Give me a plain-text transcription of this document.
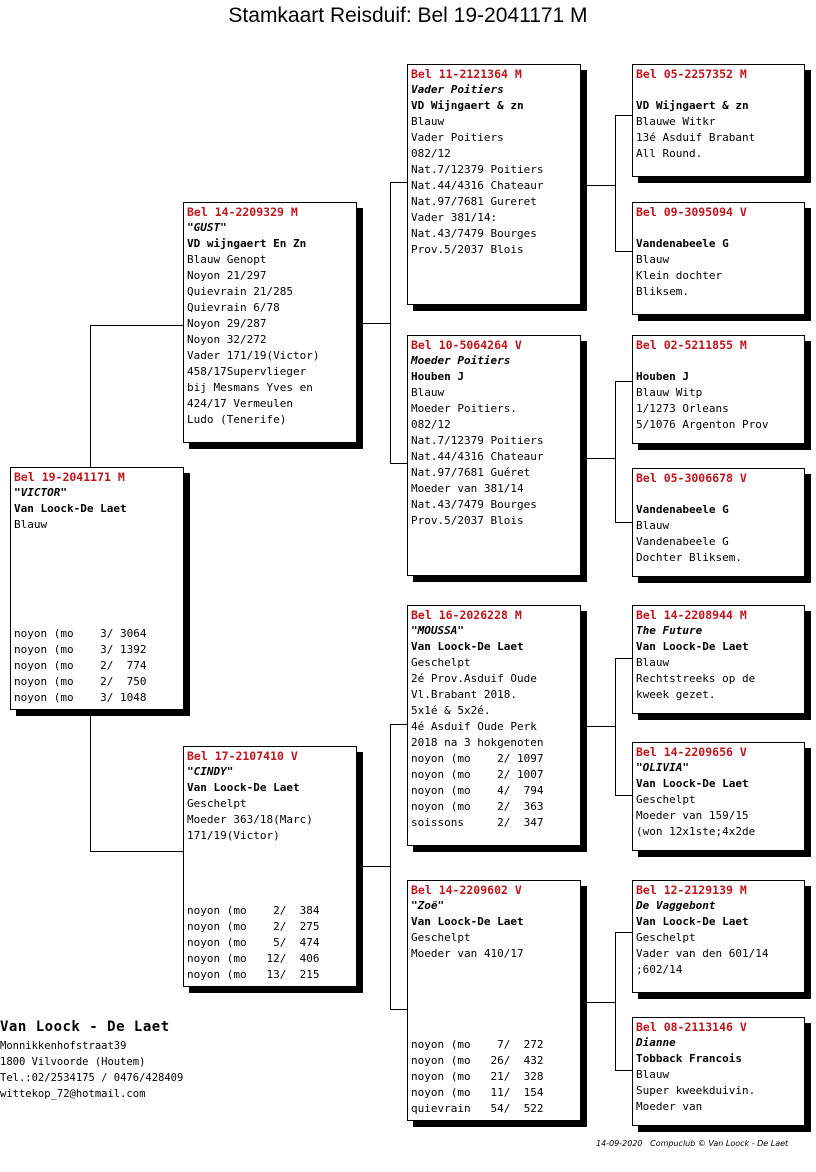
Stamkaart Reisduif: Bel 19-2041171 M
Bel 19-2041171 M
"VICTOR"
Van Loock-De Laet
Blauw
noyon (mo    3/ 3064
noyon (mo    3/ 1392
noyon (mo    2/  774
noyon (mo    2/  750
noyon (mo    3/ 1048
Bel 14-2209329 M
"GUST"
VD wijngaert En Zn
Blauw Genopt
Noyon 21/297
Quievrain 21/285
Quievrain 6/78
Noyon 29/287
Noyon 32/272
Vader 171/19(Victor)
458/17Supervlieger
bij Mesmans Yves en
424/17 Vermeulen
Ludo (Tenerife)
Bel 17-2107410 V
"CINDY"
Van Loock-De Laet
Geschelpt
Moeder 363/18(Marc)
171/19(Victor)
noyon (mo    2/  384
noyon (mo    2/  275
noyon (mo    5/  474
noyon (mo   12/  406
noyon (mo   13/  215
Bel 11-2121364 M
Vader Poitiers
VD Wijngaert & zn
Blauw
Vader Poitiers
082/12
Nat.7/12379 Poitiers
Nat.44/4316 Chateaur
Nat.97/7681 Gureret
Vader 381/14:
Nat.43/7479 Bourges
Prov.5/2037 Blois
Bel 10-5064264 V
Moeder Poitiers
Houben J
Blauw
Moeder Poitiers.
082/12
Nat.7/12379 Poitiers
Nat.44/4316 Chateaur
Nat.97/7681 Guéret
Moeder van 381/14
Nat.43/7479 Bourges
Prov.5/2037 Blois
Bel 16-2026228 M
"MOUSSA"
Van Loock-De Laet
Geschelpt
2é Prov.Asduif Oude
Vl.Brabant 2018.
5x1é & 5x2é.
4é Asduif Oude Perk
2018 na 3 hokgenoten
noyon (mo    2/ 1097
noyon (mo    2/ 1007
noyon (mo    4/  794
noyon (mo    2/  363
soissons     2/  347
Bel 14-2209602 V
"Zoë"
Van Loock-De Laet
Geschelpt
Moeder van 410/17
noyon (mo    7/  272
noyon (mo   26/  432
noyon (mo   21/  328
noyon (mo   11/  154
quievrain   54/  522
Bel 05-2257352 M

VD Wijngaert & zn
Blauwe Witkr
13é Asduif Brabant
All Round.
Bel 09-3095094 V

Vandenabeele G
Blauw
Klein dochter
Bliksem.
Bel 02-5211855 M

Houben J
Blauw Witp
1/1273 Orleans
5/1076 Argenton Prov
Bel 05-3006678 V

Vandenabeele G
Blauw
Vandenabeele G
Dochter Bliksem.
Bel 14-2208944 M
The Future
Van Loock-De Laet
Blauw
Rechtstreeks op de
kweek gezet.
Bel 14-2209656 V
"OLIVIA"
Van Loock-De Laet
Geschelpt
Moeder van 159/15
(won 12x1ste;4x2de
Bel 12-2129139 M
De Vaggebont
Van Loock-De Laet
Geschelpt
Vader van den 601/14
;602/14
Bel 08-2113146 V
Dianne
Tobback Francois
Blauw
Super kweekduivin.
Moeder van
Van Loock - De Laet
Monnikkenhofstraat39
1800 Vilvoorde (Houtem)
Tel.:02/2534175 / 0476/428409
wittekop_72@hotmail.com
14-09-2020   Compuclub © Van Loock - De Laet
